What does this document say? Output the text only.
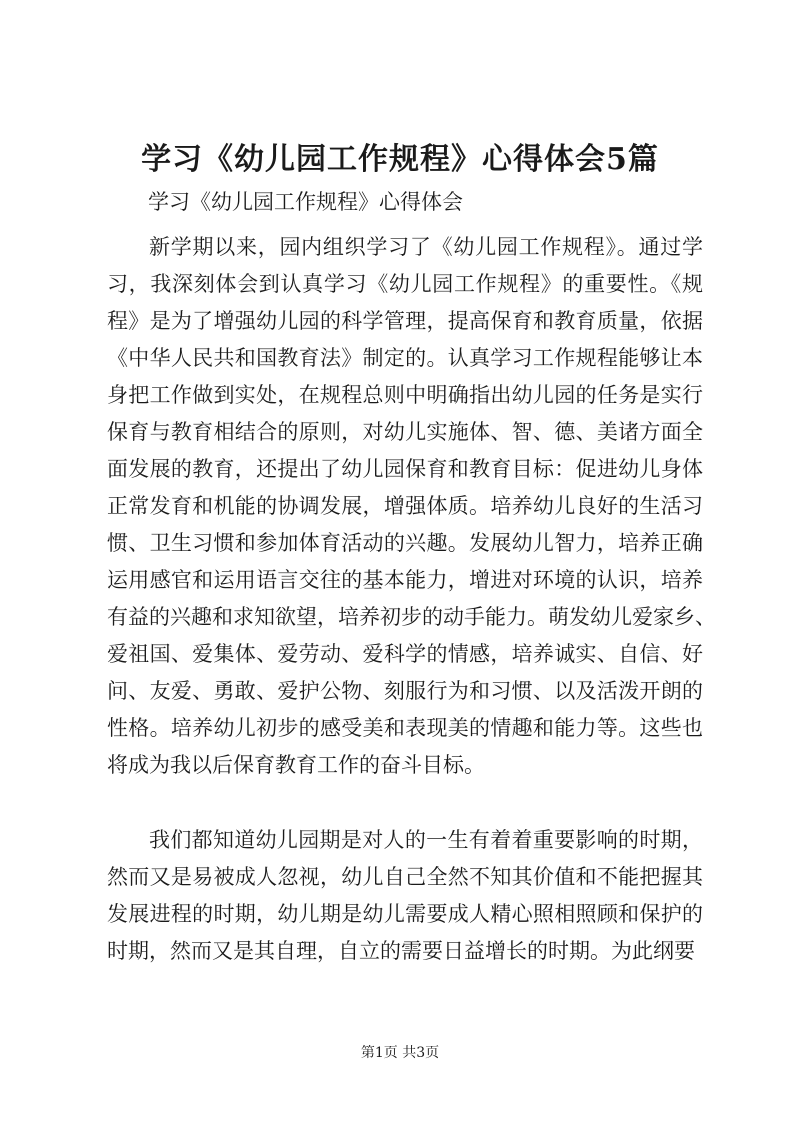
学习《幼儿园工作规程》心得体会5篇
学习《幼儿园工作规程》心得体会
新学期以来，园内组织学习了《幼儿园工作规程》。通过学
习，我深刻体会到认真学习《幼儿园工作规程》的重要性。《规
程》是为了增强幼儿园的科学管理，提高保育和教育质量，依据
《中华人民共和国教育法》制定的。认真学习工作规程能够让本
身把工作做到实处，在规程总则中明确指出幼儿园的任务是实行
保育与教育相结合的原则，对幼儿实施体、智、德、美诸方面全
面发展的教育，还提出了幼儿园保育和教育目标：促进幼儿身体
正常发育和机能的协调发展，增强体质。培养幼儿良好的生活习
惯、卫生习惯和参加体育活动的兴趣。发展幼儿智力，培养正确
运用感官和运用语言交往的基本能力，增进对环境的认识，培养
有益的兴趣和求知欲望，培养初步的动手能力。萌发幼儿爱家乡、
爱祖国、爱集体、爱劳动、爱科学的情感，培养诚实、自信、好
问、友爱、勇敢、爱护公物、刻服行为和习惯、以及活泼开朗的
性格。培养幼儿初步的感受美和表现美的情趣和能力等。这些也
将成为我以后保育教育工作的奋斗目标。
我们都知道幼儿园期是对人的一生有着着重要影响的时期，
然而又是易被成人忽视，幼儿自己全然不知其价值和不能把握其
发展进程的时期，幼儿期是幼儿需要成人精心照相照顾和保护的
时期，然而又是其自理，自立的需要日益增长的时期。为此纲要
第1页 共3页
